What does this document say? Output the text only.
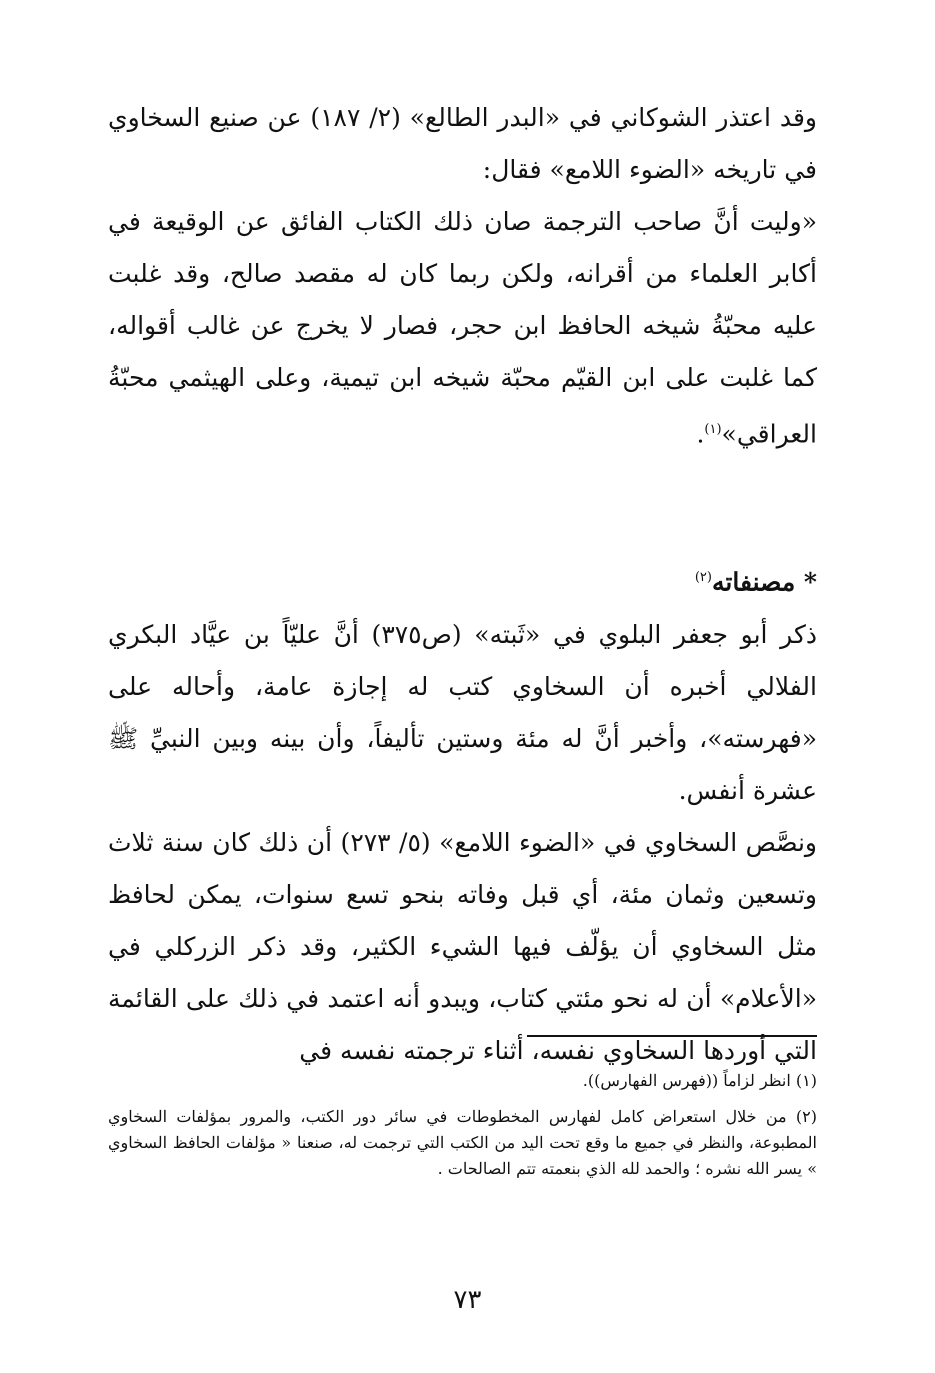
وقد اعتذر الشوكاني في «البدر الطالع» (٢/ ١٨٧) عن صنيع السخاوي في تاريخه «الضوء اللامع» فقال:

«وليت أنَّ صاحب الترجمة صان ذلك الكتاب الفائق عن الوقيعة في أكابر العلماء من أقرانه، ولكن ربما كان له مقصد صالح، وقد غلبت عليه محبّةُ شيخه الحافظ ابن حجر، فصار لا يخرج عن غالب أقواله، كما غلبت على ابن القيّم محبّة شيخه ابن تيمية، وعلى الهيثمي محبّةُ العراقي»$^{(١)}$.

* مصنفاته$^{(٢)}$

ذكر أبو جعفر البلوي في «ثَبته» (ص٣٧٥) أنَّ عليّاً بن عيَّاد البكري الفلالي أخبره أن السخاوي كتب له إجازة عامة، وأحاله على «فهرسته»، وأخبر أنَّ له مئة وستين تأليفاً، وأن بينه وبين النبيِّ ﷺ عشرة أنفس.

ونصَّص السخاوي في «الضوء اللامع» (٥/ ٢٧٣) أن ذلك كان سنة ثلاث وتسعين وثمان مئة، أي قبل وفاته بنحو تسع سنوات، يمكن لحافظ مثل السخاوي أن يؤلّف فيها الشيء الكثير، وقد ذكر الزركلي في «الأعلام» أن له نحو مئتي كتاب، ويبدو أنه اعتمد في ذلك على القائمة التي أوردها السخاوي نفسه، أثناء ترجمته نفسه في

(١) انظر لزاماً ((فهرس الفهارس)).

(٢) من خلال استعراض كامل لفهارس المخطوطات في سائر دور الكتب، والمرور بمؤلفات السخاوي المطبوعة، والنظر في جميع ما وقع تحت اليد من الكتب التي ترجمت له، صنعنا « مؤلفات الحافظ السخاوي » يسر الله نشره ؛ والحمد لله الذي بنعمته تتم الصالحات .

٧٣
